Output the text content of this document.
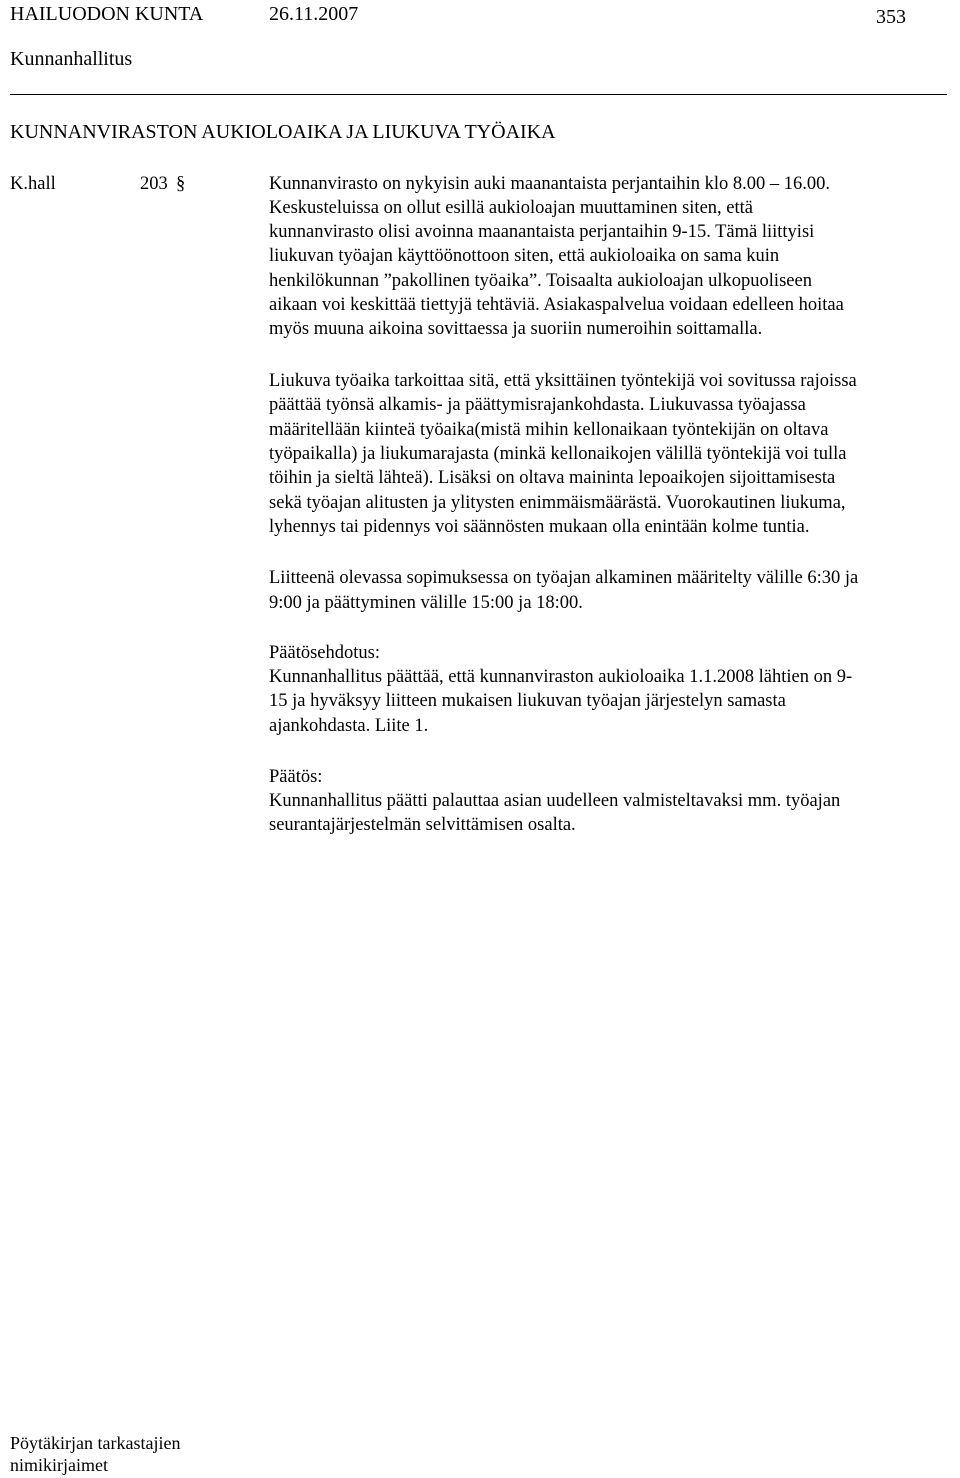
HAILUODON KUNTA	26.11.2007	353
Kunnanhallitus
KUNNANVIRASTON AUKIOLOAIKA JA LIUKUVA TYÖAIKA
K.hall	203 §	Kunnanvirasto on nykyisin auki maanantaista perjantaihin klo 8.00 – 16.00.
Keskusteluissa on ollut esillä aukioloajan muuttaminen siten, että
kunnanvirasto olisi avoinna maanantaista perjantaihin 9-15. Tämä liittyisi
liukuvan työajan käyttöönottoon siten, että aukioloaika on sama kuin
henkilökunnan ”pakollinen työaika”. Toisaalta aukioloajan ulkopuoliseen
aikaan voi keskittää tiettyjä tehtäviä. Asiakaspalvelua voidaan edelleen hoitaa
myös muuna aikoina sovittaessa ja suoriin numeroihin soittamalla.
Liukuva työaika tarkoittaa sitä, että yksittäinen työntekijä voi sovitussa rajoissa
päättää työnsä alkamis- ja päättymisrajankohdasta. Liukuvassa työajassa
määritellään kiinteä työaika(mistä mihin kellonaikaan työntekijän on oltava
työpaikalla) ja liukumarajasta (minkä kellonaikojen välillä työntekijä voi tulla
töihin ja sieltä lähteä). Lisäksi on oltava maininta lepoaikojen sijoittamisesta
sekä työajan alitusten ja ylitysten enimmäismäärästä. Vuorokautinen liukuma,
lyhennys tai pidennys voi säännösten mukaan olla enintään kolme tuntia.
Liitteenä olevassa sopimuksessa on työajan alkaminen määritelty välille 6:30 ja
9:00 ja päättyminen välille 15:00 ja 18:00.
Päätösehdotus:
Kunnanhallitus päättää, että kunnanviraston aukioloaika 1.1.2008 lähtien on 9-
15 ja hyväksyy liitteen mukaisen liukuvan työajan järjestelyn samasta
ajankohdasta. Liite 1.
Päätös:
Kunnanhallitus päätti palauttaa asian uudelleen valmisteltavaksi mm. työajan
seurantajärjestelmän selvittämisen osalta.
Pöytäkirjan tarkastajien
nimikirjaimet
